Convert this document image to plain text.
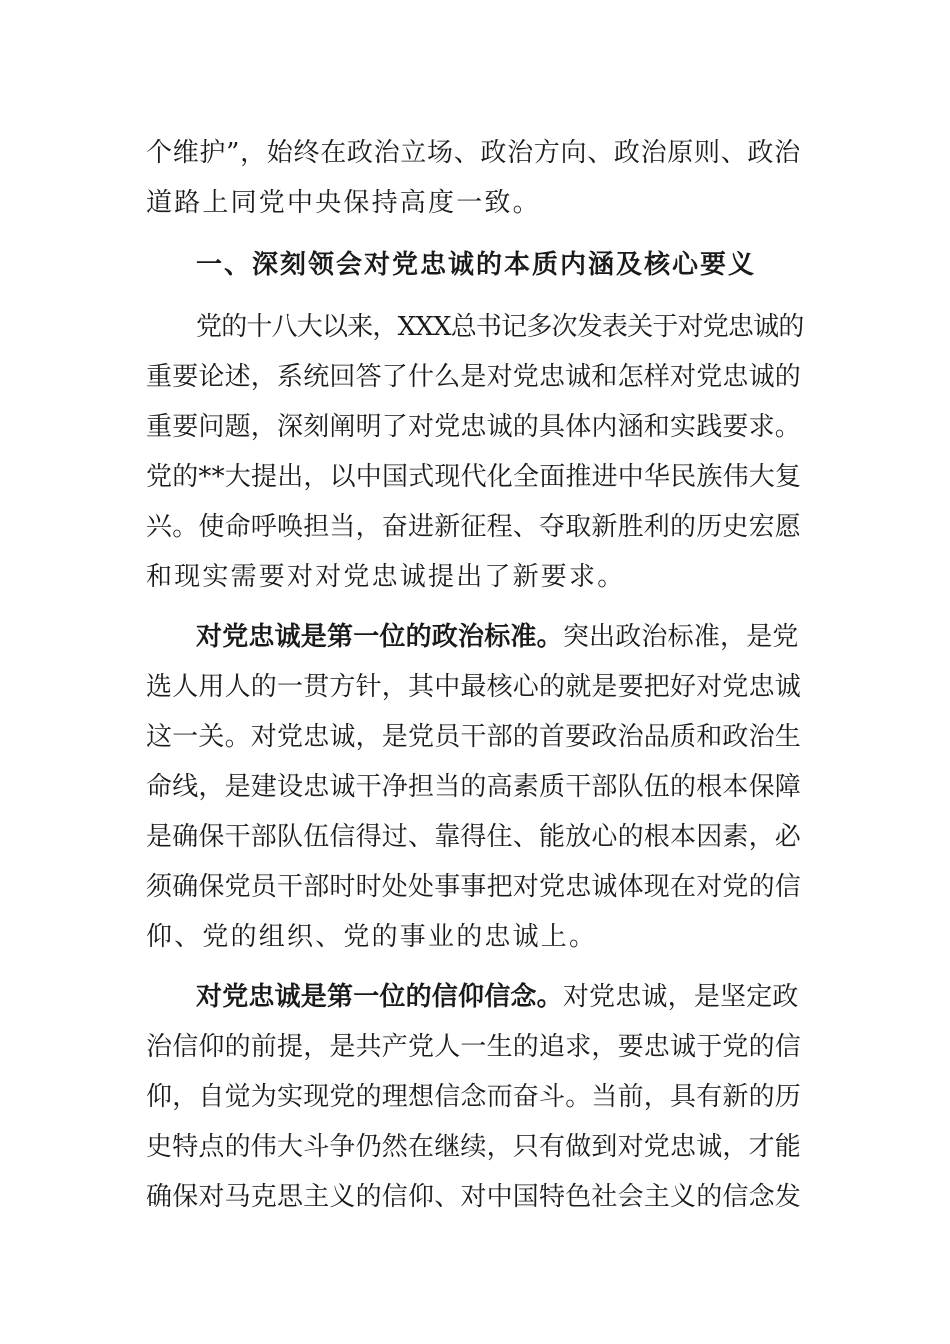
个维护”，始终在政治立场、政治方向、政治原则、政治
道路上同党中央保持高度一致。
一、深刻领会对党忠诚的本质内涵及核心要义
党的十八大以来，XXX总书记多次发表关于对党忠诚的
重要论述，系统回答了什么是对党忠诚和怎样对党忠诚的
重要问题，深刻阐明了对党忠诚的具体内涵和实践要求。
党的**大提出，以中国式现代化全面推进中华民族伟大复
兴。使命呼唤担当，奋进新征程、夺取新胜利的历史宏愿
和现实需要对对党忠诚提出了新要求。
对党忠诚是第一位的政治标准。突出政治标准，是党
选人用人的一贯方针，其中最核心的就是要把好对党忠诚
这一关。对党忠诚，是党员干部的首要政治品质和政治生
命线，是建设忠诚干净担当的高素质干部队伍的根本保障
是确保干部队伍信得过、靠得住、能放心的根本因素，必
须确保党员干部时时处处事事把对党忠诚体现在对党的信
仰、党的组织、党的事业的忠诚上。
对党忠诚是第一位的信仰信念。对党忠诚，是坚定政
治信仰的前提，是共产党人一生的追求，要忠诚于党的信
仰，自觉为实现党的理想信念而奋斗。当前，具有新的历
史特点的伟大斗争仍然在继续，只有做到对党忠诚，才能
确保对马克思主义的信仰、对中国特色社会主义的信念发
